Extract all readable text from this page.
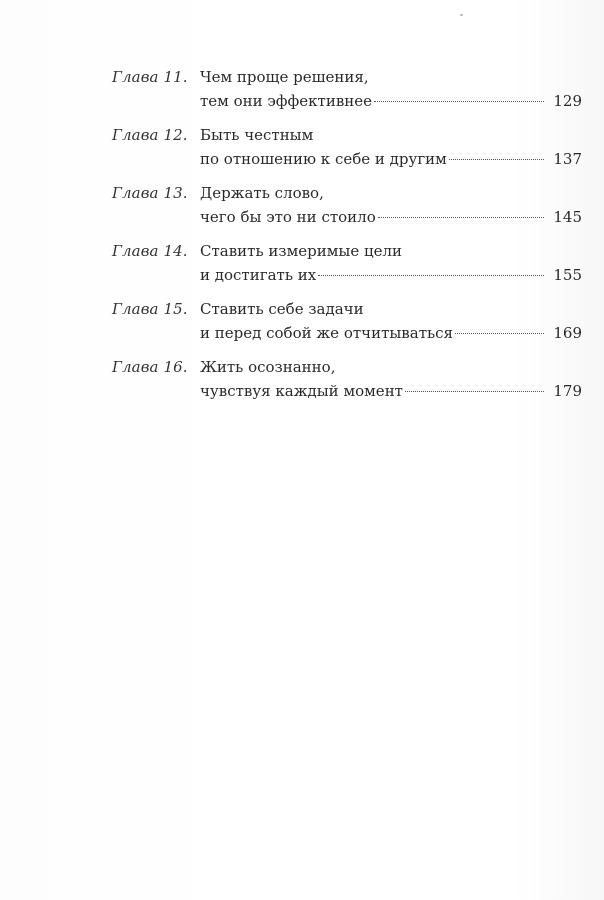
Глава 11. Чем проще решения,
тем они эффективнее	129
Глава 12. Быть честным
по отношению к себе и другим	137
Глава 13. Держать слово,
чего бы это ни стоило	145
Глава 14. Ставить измеримые цели
и достигать их	155
Глава 15. Ставить себе задачи
и перед собой же отчитываться	169
Глава 16. Жить осознанно,
чувствуя каждый момент	179
